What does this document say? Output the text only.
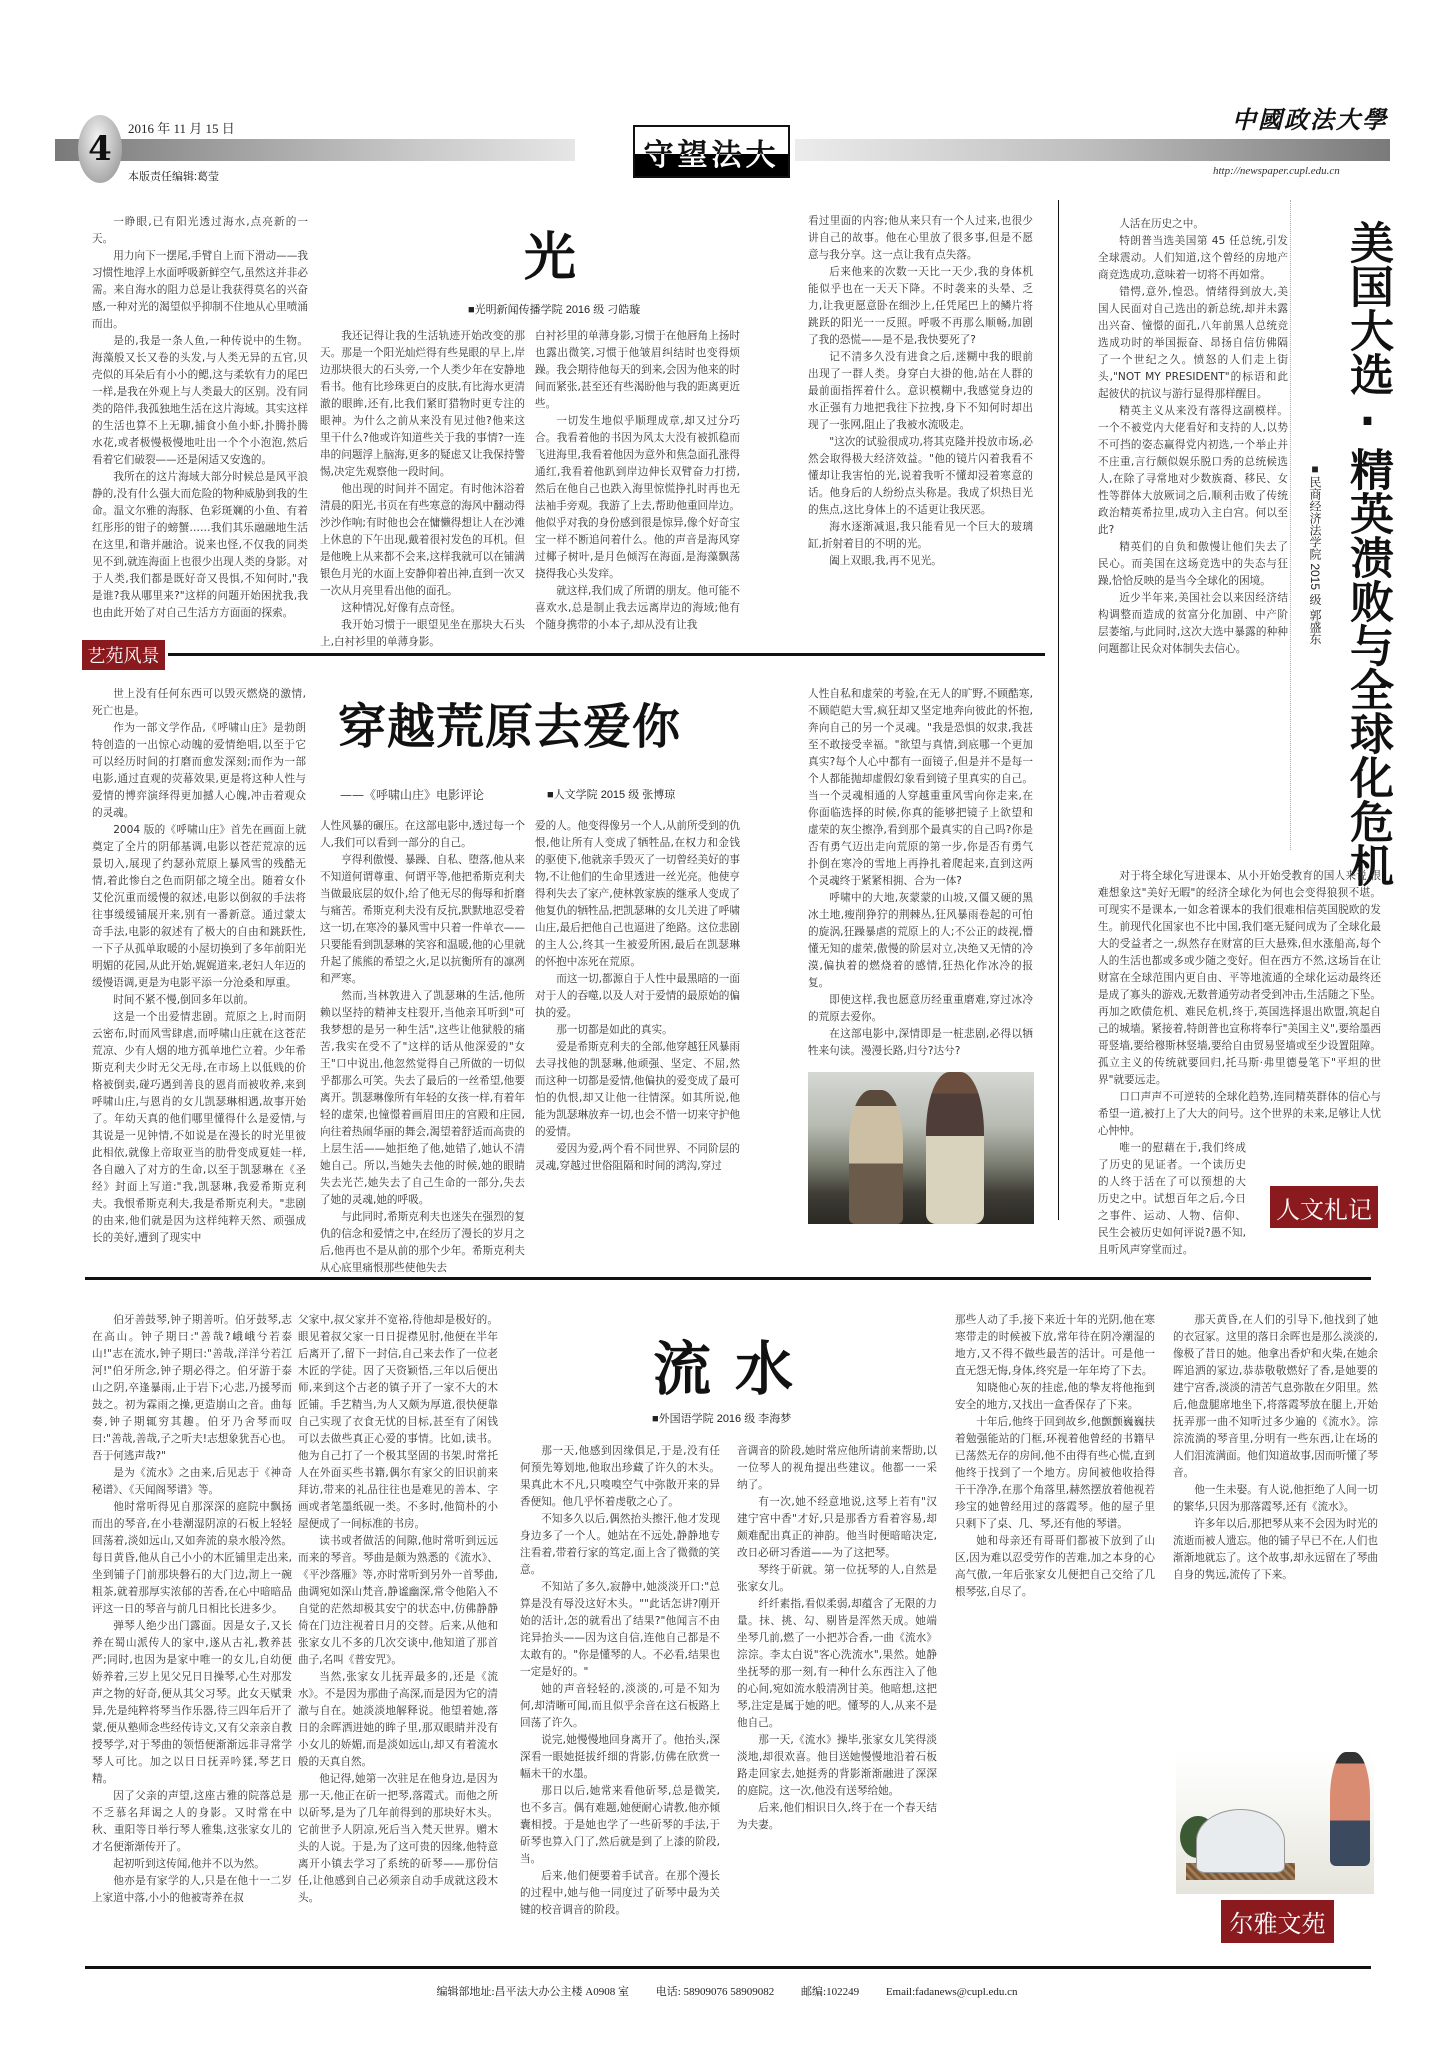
4
2016 年 11 月 15 日
本版责任编辑:葛莹
守望法大
中國政法大學
http://newspaper.cupl.edu.cn
光
■光明新闻传播学院 2016 级 刁皓璇

一睁眼,已有阳光透过海水,点亮新的一天。

用力向下一摆尾,手臂自上而下滑动——我习惯性地浮上水面呼吸新鲜空气,虽然这并非必需。来自海水的阻力总是让我获得莫名的兴奋感,一种对光的渴望似乎抑制不住地从心里喷涌而出。

是的,我是一条人鱼,一种传说中的生物。海藻般又长又卷的头发,与人类无异的五官,贝壳似的耳朵后有小小的鳃,这与柔软有力的尾巴一样,是我在外观上与人类最大的区别。没有同类的陪伴,我孤独地生活在这片海域。其实这样的生活也算不上无聊,捕食小鱼小虾,扑腾扑腾水花,或者极慢极慢地吐出一个个小泡泡,然后看着它们破裂——还是闲适又安逸的。

我所在的这片海域大部分时候总是风平浪静的,没有什么强大而危险的物种威胁到我的生命。温文尔雅的海豚、色彩斑斓的小鱼、有着红彤彤的钳子的螃蟹……我们其乐融融地生活在这里,和谐并融洽。说来也怪,不仅我的同类见不到,就连海面上也很少出现人类的身影。对于人类,我们都是既好奇又畏惧,不知何时,"我是谁?我从哪里来?"这样的问题开始困扰我,我也由此开始了对自己生活方方面面的探索。

我还记得让我的生活轨迹开始改变的那天。那是一个阳光灿烂得有些晃眼的早上,岸边那块很大的石头旁,一个人类少年在安静地看书。他有比珍珠更白的皮肤,有比海水更清澈的眼眸,还有,比我们紧盯猎物时更专注的眼神。为什么之前从来没有见过他?他来这里干什么?他或许知道些关于我的事情?一连串的问题浮上脑海,更多的疑虑又让我保持警惕,决定先观察他一段时间。

他出现的时间并不固定。有时他沐浴着清晨的阳光,书页在有些寒意的海风中翻动得沙沙作响;有时他也会在慵懒得想让人在沙滩上休息的下午出现,戴着很衬发色的耳机。但是他晚上从来都不会来,这样我就可以在铺满银色月光的水面上安静仰着出神,直到一次又一次从月亮里看出他的面孔。

这种情况,好像有点奇怪。

我开始习惯于一眼望见坐在那块大石头上,白衬衫里的单薄身影。

白衬衫里的单薄身影,习惯于在他唇角上扬时也露出微笑,习惯于他皱眉纠结时也变得烦躁。我会期待他每天的到来,会因为他来的时间而紧张,甚至还有些渴盼他与我的距离更近些。

一切发生地似乎顺理成章,却又过分巧合。我看着他的书因为风太大没有被抓稳而飞进海里,我看着他因为意外和焦急面孔涨得通红,我看着他趴到岸边伸长双臂奋力打捞,然后在他自己也跌入海里惊慌挣扎时再也无法袖手旁观。我游了上去,帮助他重回岸边。他似乎对我的身份感到很是惊异,像个好奇宝宝一样不断追问着什么。他的声音是海风穿过椰子树叶,是月色倾泻在海面,是海藻飘荡挠得我心头发痒。

就这样,我们成了所谓的朋友。他可能不喜欢水,总是制止我去远离岸边的海域;他有个随身携带的小本子,却从没有让我

看过里面的内容;他从来只有一个人过来,也很少讲自己的故事。他在心里放了很多事,但是不愿意与我分享。这一点让我有点失落。

后来他来的次数一天比一天少,我的身体机能似乎也在一天天下降。不时袭来的头晕、乏力,让我更愿意卧在细沙上,任凭尾巴上的鳞片将跳跃的阳光一一反照。呼吸不再那么顺畅,加剧了我的恐慌——是不是,我快要死了?

记不清多久没有进食之后,迷糊中我的眼前出现了一群人类。身穿白大褂的他,站在人群的最前面指挥着什么。意识模糊中,我感觉身边的水正强有力地把我往下拉拽,身下不知何时却出现了一张网,阻止了我被水流吸走。

"这次的试验很成功,将其克隆并投放市场,必然会取得极大经济效益。"他的镜片闪着我看不懂却让我害怕的光,说着我听不懂却浸着寒意的话。他身后的人纷纷点头称是。我成了炽热目光的焦点,这比身体上的不适更让我厌恶。

海水逐渐减退,我只能看见一个巨大的玻璃缸,折射着目的不明的光。

阖上双眼,我,再不见光。

艺苑风景
穿越荒原去爱你
——《呼啸山庄》电影评论	■人文学院 2015 级 张博琼

世上没有任何东西可以毁灭燃烧的激情,死亡也是。

作为一部文学作品,《呼啸山庄》是勃朗特创造的一出惊心动魄的爱情绝唱,以至于它可以经历时间的打磨而愈发深刻;而作为一部电影,通过直观的荧幕效果,更是将这种人性与爱情的博弈演绎得更加撼人心魄,冲击着观众的灵魂。

2004 版的《呼啸山庄》首先在画面上就奠定了全片的阴郁基调,电影以苍茫荒凉的远景切入,展现了约瑟孙荒原上暴风雪的残酷无情,着此惨白之色而阴郁之境全出。随着女仆艾伦沉重而缓慢的叙述,电影以倒叙的手法将往事缓缓铺展开来,别有一番新意。通过蒙太奇手法,电影的叙述有了极大的自由和跳跃性,一下子从孤单取暖的小屋切换到了多年前阳光明媚的花园,从此开始,娓娓道来,老妇人年迈的缓慢语调,更是为电影平添一分沧桑和厚重。

时间不紧不慢,倒回多年以前。

这是一个出爱情悲剧。荒原之上,时而阴云密布,时而风雪肆虐,而呼啸山庄就在这苍茫荒凉、少有人烟的地方孤单地伫立着。少年希斯克利夫少时无父无母,在市场上以低贱的价格被倒卖,碰巧遇到善良的恩肖而被收养,来到呼啸山庄,与恩肖的女儿凯瑟琳相遇,故事开始了。年幼天真的他们哪里懂得什么是爱情,与其说是一见钟情,不如说是在漫长的时光里彼此相依,就像上帝取亚当的肋骨变成夏娃一样,各自融入了对方的生命,以至于凯瑟琳在《圣经》封面上写道:"我,凯瑟琳,我爱希斯克利夫。我恨希斯克利夫,我是希斯克利夫。"悲剧的由来,他们就是因为这样纯粹天然、顽强成长的美好,遭到了现实中

人性风暴的碾压。在这部电影中,透过每一个人,我们可以看到一部分的自己。

亨得利傲慢、暴躁、自私、堕落,他从来不知道何谓尊重、何谓平等,他把希斯克利夫当做最底层的奴仆,给了他无尽的侮辱和折磨与痛苦。希斯克利夫没有反抗,默默地忍受着这一切,在寒冷的暴风雪中只着一件单衣——只要能看到凯瑟琳的笑容和温暖,他的心里就升起了熊熊的希望之火,足以抗衡所有的凛冽和严寒。

然而,当林敦进入了凯瑟琳的生活,他所赖以坚持的精神支柱裂开,当他亲耳听到"可我梦想的是另一种生活",这些让他狱般的痛苦,我实在受不了"这样的话从他深爱的"女王"口中说出,他忽然觉得自己所做的一切似乎都那么可笑。失去了最后的一丝希望,他要离开。凯瑟琳像所有年轻的女孩一样,有着年轻的虚荣,也憧憬着画眉田庄的宫殿和庄园,向往着热闹华丽的舞会,渴望着舒适而高贵的上层生活——她拒绝了他,她错了,她认不清她自己。所以,当她失去他的时候,她的眼睛失去光芒,她失去了自己生命的一部分,失去了她的灵魂,她的呼吸。

与此同时,希斯克利夫也迷失在强烈的复仇的信念和爱情之中,在经历了漫长的岁月之后,他再也不是从前的那个少年。希斯克利夫从心底里痛恨那些使他失去

爱的人。他变得像另一个人,从前所受到的仇恨,他让所有人变成了牺牲品,在权力和金钱的驱使下,他就亲手毁灭了一切曾经美好的事物,不让他们的生命里透进一丝光亮。他使亨得利失去了家产,使林敦家族的继承人变成了他复仇的牺牲品,把凯瑟琳的女儿关进了呼啸山庄,最后把他自己也逼进了绝路。这位悲剧的主人公,终其一生被爱所困,最后在凯瑟琳的怀抱中冻死在荒原。

而这一切,都源自于人性中最黑暗的一面对于人的吞噬,以及人对于爱情的最原始的偏执的爱。

那一切都是如此的真实。

爱是希斯克利夫的全部,他穿越狂风暴雨去寻找他的凯瑟琳,他顽强、坚定、不屈,然而这种一切都是爱情,他偏执的爱变成了最可怕的仇恨,却又让他一往情深。如其所说,他能为凯瑟琳放弃一切,也会不惜一切来守护他的爱情。

爱因为爱,两个看不同世界、不同阶层的灵魂,穿越过世俗阻隔和时间的鸿沟,穿过

人性自私和虚荣的考验,在无人的旷野,不顾酷寒,不顾皑皑大雪,疯狂却又坚定地奔向彼此的怀抱,奔向自己的另一个灵魂。"我是恐惧的奴隶,我甚至不敢接受幸福。"欲望与真情,到底哪一个更加真实?每个人心中都有一面镜子,但是并不是每一个人都能抛却虚假幻象看到镜子里真实的自己。当一个灵魂相通的人穿越重重风雪向你走来,在你面临选择的时候,你真的能够把镜子上欲望和虚荣的灰尘擦净,看到那个最真实的自己吗?你是否有勇气迈出走向荒原的第一步,你是否有勇气扑倒在寒冷的雪地上再挣扎着爬起来,直到这两个灵魂终于紧紧相拥、合为一体?

呼啸中的大地,灰蒙蒙的山坡,又僵又硬的黑冰土地,瘦削狰狞的荆棘丛,狂风暴雨卷起的可怕的旋涡,狂躁暴虐的荒原上的人;不公正的歧视,懵懂无知的虚荣,傲慢的阶层对立,决绝又无情的冷漠,偏执着的燃烧着的感情,狂热化作冰冷的报复。

即使这样,我也愿意历经重重磨难,穿过冰冷的荒原去爱你。

在这部电影中,深情即是一桩悲剧,必得以牺牲来句读。漫漫长路,归兮?达兮?

美国大选·精英溃败与全球化危机
■民商经济法学院 2015 级 郭盛东

人活在历史之中。

特朗普当选美国第 45 任总统,引发全球震动。人们知道,这个曾经的房地产商竞选成功,意味着一切将不再如常。

错愕,意外,惶恐。情绪得到放大,美国人民面对自己选出的新总统,却并未露出兴奋、憧憬的面孔,八年前黑人总统竞选成功时的举国振奋、昂扬自信仿佛隔了一个世纪之久。愤怒的人们走上街头,"NOT MY PRESIDENT"的标语和此起彼伏的抗议与游行显得那样醒目。

精英主义从来没有落得这副模样。一个不被党内大佬看好和支持的人,以势不可挡的姿态赢得党内初选,一个举止并不庄重,言行颇似娱乐脱口秀的总统候选人,在除了寻常地对少数族裔、移民、女性等群体大放厥词之后,顺利击败了传统政治精英希拉里,成功入主白宫。何以至此?

精英们的自负和傲慢让他们失去了民心。而美国在这场竞选中的失态与狂躁,恰恰反映的是当今全球化的困境。

近少半年来,美国社会以来因经济结构调整而造成的贫富分化加剧、中产阶层萎缩,与此同时,这次大选中暴露的种种问题都让民众对体制失去信心。

对于将全球化写进课本、从小开始受教育的国人来说,很难想象这"美好无暇"的经济全球化为何也会变得狼狈不堪。可现实不是课本,一如念着课本的我们很难相信英国脱欧的发生。前现代化国家也不比中国,我们毫无疑问成为了全球化最大的受益者之一,纵然存在财富的巨大悬殊,但水涨船高,每个人的生活也都或多或少随之变好。但在西方不然,这场旨在让财富在全球范围内更自由、平等地流通的全球化运动最终还是成了寡头的游戏,无数普通劳动者受到冲击,生活随之下坠。再加之欧债危机、难民危机,终于,英国选择退出欧盟,筑起自己的城墙。紧接着,特朗普也宣称将奉行"美国主义",要给墨西哥竖墙,要给穆斯林竖墙,要给自由贸易竖墙或至少设置阻障。孤立主义的传统就要回归,托马斯·弗里德曼笔下"平坦的世界"就要远走。

口口声声不可逆转的全球化趋势,连同精英群体的信心与希望一道,被打上了大大的问号。这个世界的未来,足够让人忧心忡忡。

唯一的慰藉在于,我们终成了历史的见证者。一个读历史的人终于活在了可以预想的大历史之中。试想百年之后,今日之事件、运动、人物、信仰、民生会被历史如何评说?愚不知,且听风声穿堂而过。

人文札记
流水
■外国语学院 2016 级 李海梦

伯牙善鼓琴,钟子期善听。伯牙鼓琴,志在高山。钟子期曰:"善哉?峨峨兮若泰山!"志在流水,钟子期曰:"善哉,洋洋兮若江河!"伯牙所念,钟子期必得之。伯牙游于泰山之阴,卒逢暴雨,止于岩下;心悲,乃援琴而鼓之。初为霖雨之操,更造崩山之音。曲每奏,钟子期辄穷其趣。伯牙乃舍琴而叹曰:"善哉,善哉,子之听夫!志想象犹吾心也。吾于何逃声哉?"

是为《流水》之由来,后见志于《神奇秘谱》、《天闻阁琴谱》等。

他时常听得见自那深深的庭院中飘扬而出的琴音,在小巷潮湿阴凉的石板上轻轻回荡着,淡如远山,又如奔流的泉水般冷然。每日黄昏,他从自己小小的木匠铺里走出来,坐到铺子门前那块磐石的大门边,沏上一碗粗茶,就着那厚实浓郁的苦香,在心中暗暗品评这一日的琴音与前几日相比长进多少。

弹琴人绝少出门露面。因是女子,又长养在蜀山派传人的家中,遂从古礼,教养甚严;同时,也因为是家中唯一的女儿,自幼便娇养着,三岁上见父兄日日操琴,心生对那发声之物的好奇,便从其父习琴。此女天赋秉异,先是纯粹将琴当作乐器,待三四年后开了蒙,便从塾师念些经传诗文,又有父亲亲自教授琴学,对于琴曲的领悟便渐渐远非寻常学琴人可比。加之以日日抚弄吟猱,琴艺日精。

因了父亲的声望,这座古雅的院落总是不乏慕名拜谒之人的身影。又时常在中秋、重阳等日举行琴人雅集,这张家女儿的才名便渐渐传开了。

起初听到这传闻,他并不以为然。

他亦是有家学的人,只是在他十一二岁上家道中落,小小的他被寄养在叔

父家中,叔父家并不宽裕,待他却是极好的。眼见着叔父家一日日捉襟见肘,他便在半年后离开了,留下一封信,自己来去作了一位老木匠的学徒。因了天资颖悟,三年以后便出师,来到这个古老的镇子开了一家不大的木匠铺。手艺精当,为人又颇为厚道,很快便靠自己实现了衣食无忧的目标,甚至有了闲钱可以去做些真正心爱的事情。比如,读书。他为自己打了一个极其坚固的书架,时常托人在外面买些书籍,偶尔有家父的旧识前来拜访,带来的礼品往往也是难见的善本、字画或者笔墨纸砚一类。不多时,他简朴的小屋便成了一间标准的书房。

读书或者做活的间隙,他时常听到远远而来的琴音。琴曲是颇为熟悉的《流水》、《平沙落雁》等,亦时常听到另外一首琴曲,曲调宛如深山梵音,静谧幽深,常令他陷入不自觉的茫然却极其安宁的状态中,仿佛静静倚在门边注视着日月的交替。后来,从他和张家女儿不多的几次交谈中,他知道了那首曲子,名叫《普安咒》。

当然,张家女儿抚弄最多的,还是《流水》。不是因为那曲子高深,而是因为它的清澈与自在。她淡淡地解释说。他望着她,落日的余晖洒进她的眸子里,那双眼睛并没有小女儿的娇媚,而是淡如远山,却又有着流水般的天真自然。

他记得,她第一次驻足在他身边,是因为那一天,他正在斫一把琴,落霞式。而他之所以斫琴,是为了几年前得到的那块好木头。它前世予人阴凉,死后当入梵天世界。赠木头的人说。于是,为了这可贵的因缘,他特意离开小镇去学习了系统的斫琴——那份信任,让他感到自己必须亲自动手成就这段木头。

那一天,他感到因缘俱足,于是,没有任何预先筹划地,他取出珍藏了许久的木头。果真此木不凡,只嗅嗅空气中弥散开来的异香便知。他几乎怀着虔敬之心了。

不知多久以后,偶然抬头擦汗,他才发现身边多了一个人。她站在不远处,静静地专注看着,带着行家的笃定,面上含了微微的笑意。

不知站了多久,寂静中,她淡淡开口:"总算是没有辱没这好木头。""此话怎讲?刚开始的活计,怎的就看出了结果?"他闻言不由诧异抬头——因为这自信,连他自己都是不太敢有的。"你是懂琴的人。不必看,结果也一定是好的。"

她的声音轻轻的,淡淡的,可是不知为何,却清晰可闻,而且似乎余音在这石板路上回荡了许久。

说完,她慢慢地回身离开了。他抬头,深深看一眼她挺拔纤细的背影,仿佛在欣赏一幅未干的水墨。

那日以后,她常来看他斫琴,总是微笑,也不多言。偶有难题,她便耐心请教,他亦倾囊相授。于是她也学了一些斫琴的手法,于斫琴也算入门了,然后就是到了上漆的阶段,当。

后来,他们便要着手试音。在那个漫长的过程中,她与他一同度过了斫琴中最为关键的校音调音的阶段。

音调音的阶段,她时常应他所请前来帮助,以一位琴人的视角提出些建议。他都一一采纳了。

有一次,她不经意地说,这琴上若有"汉建宁宫中香"才好,只是那香方看着容易,却颇难配出真正的神韵。他当时便暗暗决定,改日必研习香道——为了这把琴。

琴终于斫就。第一位抚琴的人,自然是张家女儿。

纤纤素指,看似柔弱,却蕴含了无限的力量。抹、挑、勾、剔皆是浑然天成。她端坐琴几前,燃了一小把苏合香,一曲《流水》淙淙。李太白说"客心洗流水",果然。她静坐抚琴的那一刻,有一种什么东西注入了他的心间,宛如流水般清冽甘美。他暗想,这把琴,注定是属于她的吧。懂琴的人,从来不是他自己。

那一天,《流水》操毕,张家女儿笑得淡淡地,却很欢喜。他目送她慢慢地沿着石板路走回家去,她挺秀的背影渐渐融进了深深的庭院。这一次,他没有送琴给她。

后来,他们相识日久,终于在一个春天结为夫妻。

那些人动了手,接下来近十年的光阴,他在寒寒带走的时候被下放,常年待在阴冷潮湿的地方,又不得不做些最苦的活计。可是他一直无怨无悔,身体,终究是一年年垮了下去。

知晓他心灰的挂虑,他的挚友将他拖到安全的地方,又找出一盒香保存了下来。

十年后,他终于回到故乡,他颤颤巍巍扶着勉强能站的门框,环视着他曾经的书籍早已荡然无存的房间,他不由得有些心慌,直到他终于找到了一个地方。房间被他收拾得干干净净,在那个角落里,赫然摆放着他视若珍宝的她曾经用过的落霞琴。他的屋子里只剩下了桌、几、琴,还有他的琴谱。

她和母亲还有哥哥们都被下放到了山区,因为难以忍受劳作的苦难,加之本身的心高气傲,一年后张家女儿便把自己交给了几根琴弦,自尽了。

那天黄昏,在人们的引导下,他找到了她的衣冠冢。这里的落日余晖也是那么淡淡的,像极了昔日的她。他拿出香炉和火柴,在她余晖追洒的冢边,恭恭敬敬燃好了香,是她要的建宁宫香,淡淡的清苦气息弥散在夕阳里。然后,他盘腿席地坐下,将落霞琴放在腿上,开始抚弄那一曲不知听过多少遍的《流水》。淙淙流淌的琴音里,分明有一些东西,让在场的人们泪流满面。他们知道故事,因而听懂了琴音。

他一生未娶。有人说,他拒绝了人间一切的繁华,只因为那落霞琴,还有《流水》。

许多年以后,那把琴从来不会因为时光的流逝而被人遗忘。他的铺子早已不在,人们也渐渐地就忘了。这个故事,却永远留在了琴曲自身的隽远,流传了下来。

尔雅文苑
编辑部地址:昌平法大办公主楼 A0908 室 电话: 58909076 58909082 邮编:102249 Email:fadanews@cupl.edu.cn
